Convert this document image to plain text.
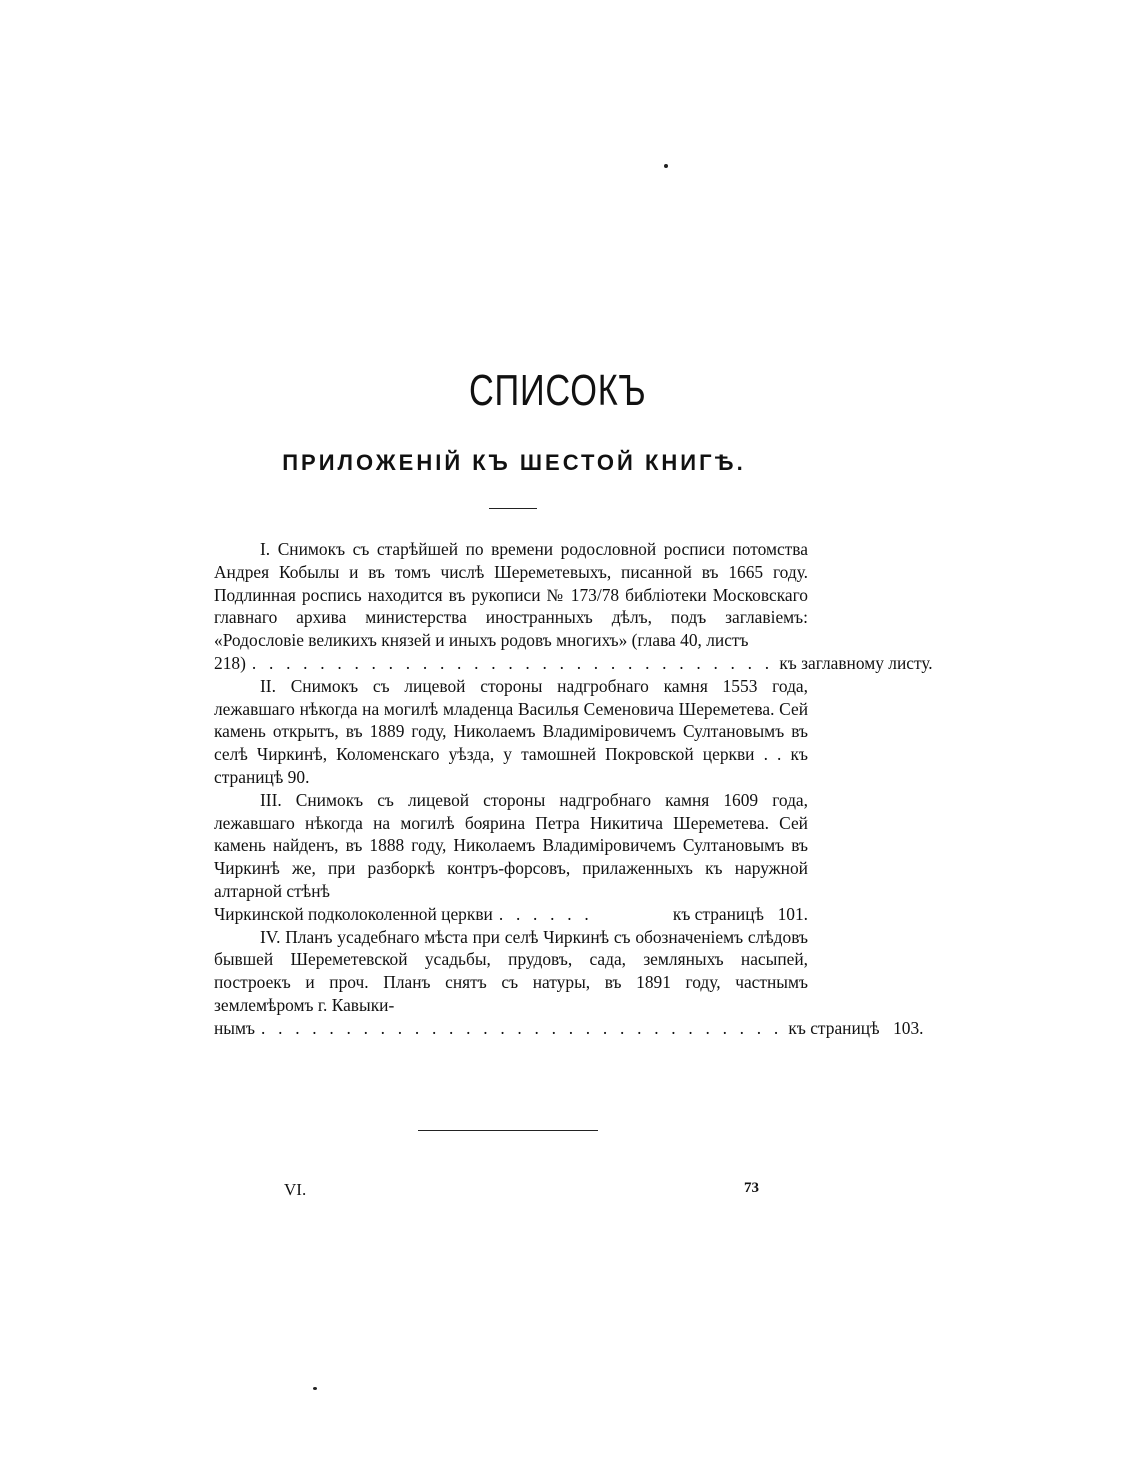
СПИСОКЪ
ПРИЛОЖЕНІЙ КЪ ШЕСТОЙ КНИГѢ.
I. Снимокъ съ старѣйшей по времени родословной росписи потомства Андрея Кобылы и въ томъ числѣ Шереметевыхъ, писанной въ 1665 году. Подлинная роспись находится въ рукописи № 173/78 библіотеки Московскаго главнаго архива министерства иностранныхъ дѣлъ, подъ заглавіемъ: «Родословіе великихъ князей и иныхъ родовъ многихъ» (глава 40, листъ
218) . . . . . . . . . . . . . . . . . . . . . . . . . . . . . . . къ заглавному листу.
II. Снимокъ съ лицевой стороны надгробнаго камня 1553 года, лежавшаго нѣкогда на могилѣ младенца Василья Семеновича Шереметева. Сей камень открытъ, въ 1889 году, Николаемъ Владиміровичемъ Султановымъ въ селѣ Чиркинѣ, Коломенскаго уѣзда, у тамошней Покровской церкви . . къ страницѣ 90.
III. Снимокъ съ лицевой стороны надгробнаго камня 1609 года, лежавшаго нѣкогда на могилѣ боярина Петра Никитича Шереметева. Сей камень найденъ, въ 1888 году, Николаемъ Владиміровичемъ Султановымъ въ Чиркинѣ же, при разборкѣ контръ-форсовъ, прилаженныхъ къ наружной алтарной стѣнѣ
Чиркинской подколоколенной церкви . . . . . .	къ страницѣ 101.
IV. Планъ усадебнаго мѣста при селѣ Чиркинѣ съ обозначеніемъ слѣдовъ бывшей Шереметевской усадьбы, прудовъ, сада, земляныхъ насыпей, построекъ и проч. Планъ снятъ съ натуры, въ 1891 году, частнымъ землемѣромъ г. Кавыки-
нымъ . . . . . . . . . . . . . . . . . . . . . . . . . . . . . . . къ страницѣ 103.
VI.	73
